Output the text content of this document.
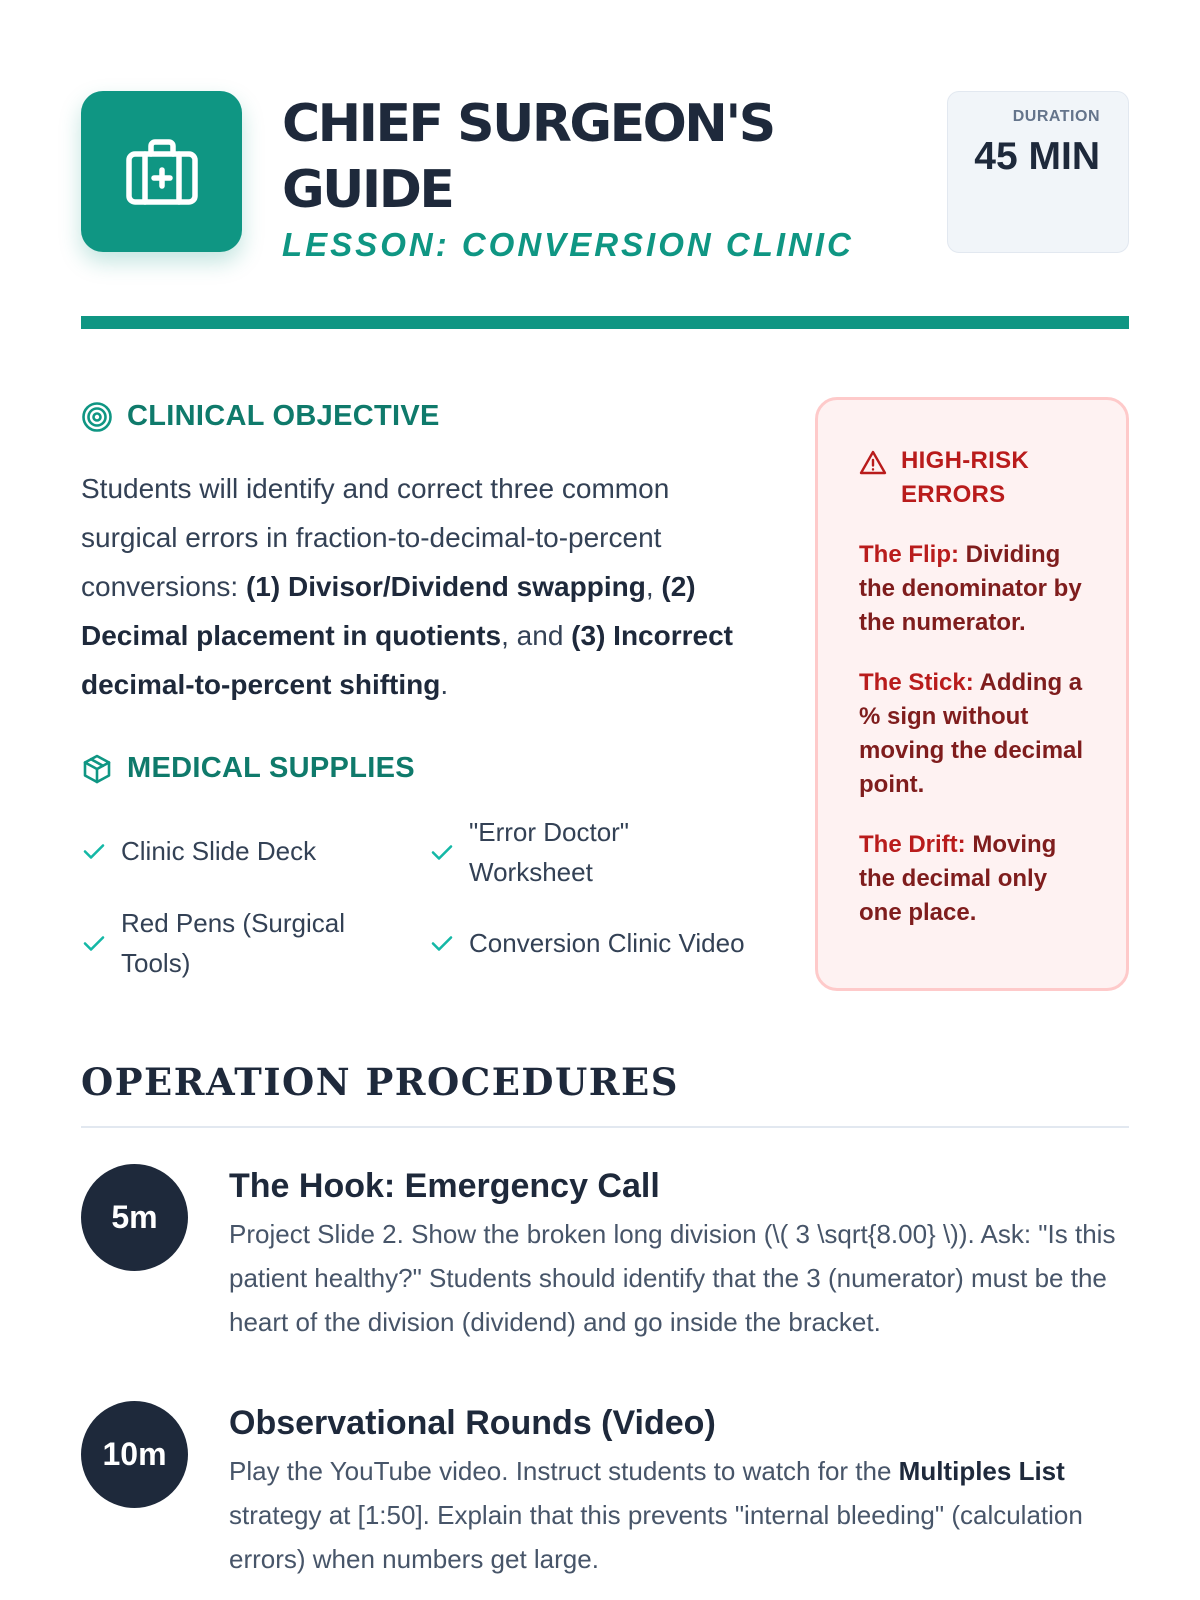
CHIEF SURGEON'S GUIDE
LESSON: CONVERSION CLINIC
DURATION
45 MIN
CLINICAL OBJECTIVE
Students will identify and correct three common surgical errors in fraction-to-decimal-to-percent conversions: (1) Divisor/Dividend swapping, (2) Decimal placement in quotients, and (3) Incorrect decimal-to-percent shifting.
MEDICAL SUPPLIES
Clinic Slide Deck
"Error Doctor" Worksheet
Red Pens (Surgical Tools)
Conversion Clinic Video
HIGH-RISK ERRORS
The Flip: Dividing the denominator by the numerator.
The Stick: Adding a % sign without moving the decimal point.
The Drift: Moving the decimal only one place.
OPERATION PROCEDURES
5m
The Hook: Emergency Call
Project Slide 2. Show the broken long division (\( 3 \sqrt{8.00} \)). Ask: "Is this patient healthy?" Students should identify that the 3 (numerator) must be the heart of the division (dividend) and go inside the bracket.
10m
Observational Rounds (Video)
Play the YouTube video. Instruct students to watch for the Multiples List strategy at [1:50]. Explain that this prevents "internal bleeding" (calculation errors) when numbers get large.
